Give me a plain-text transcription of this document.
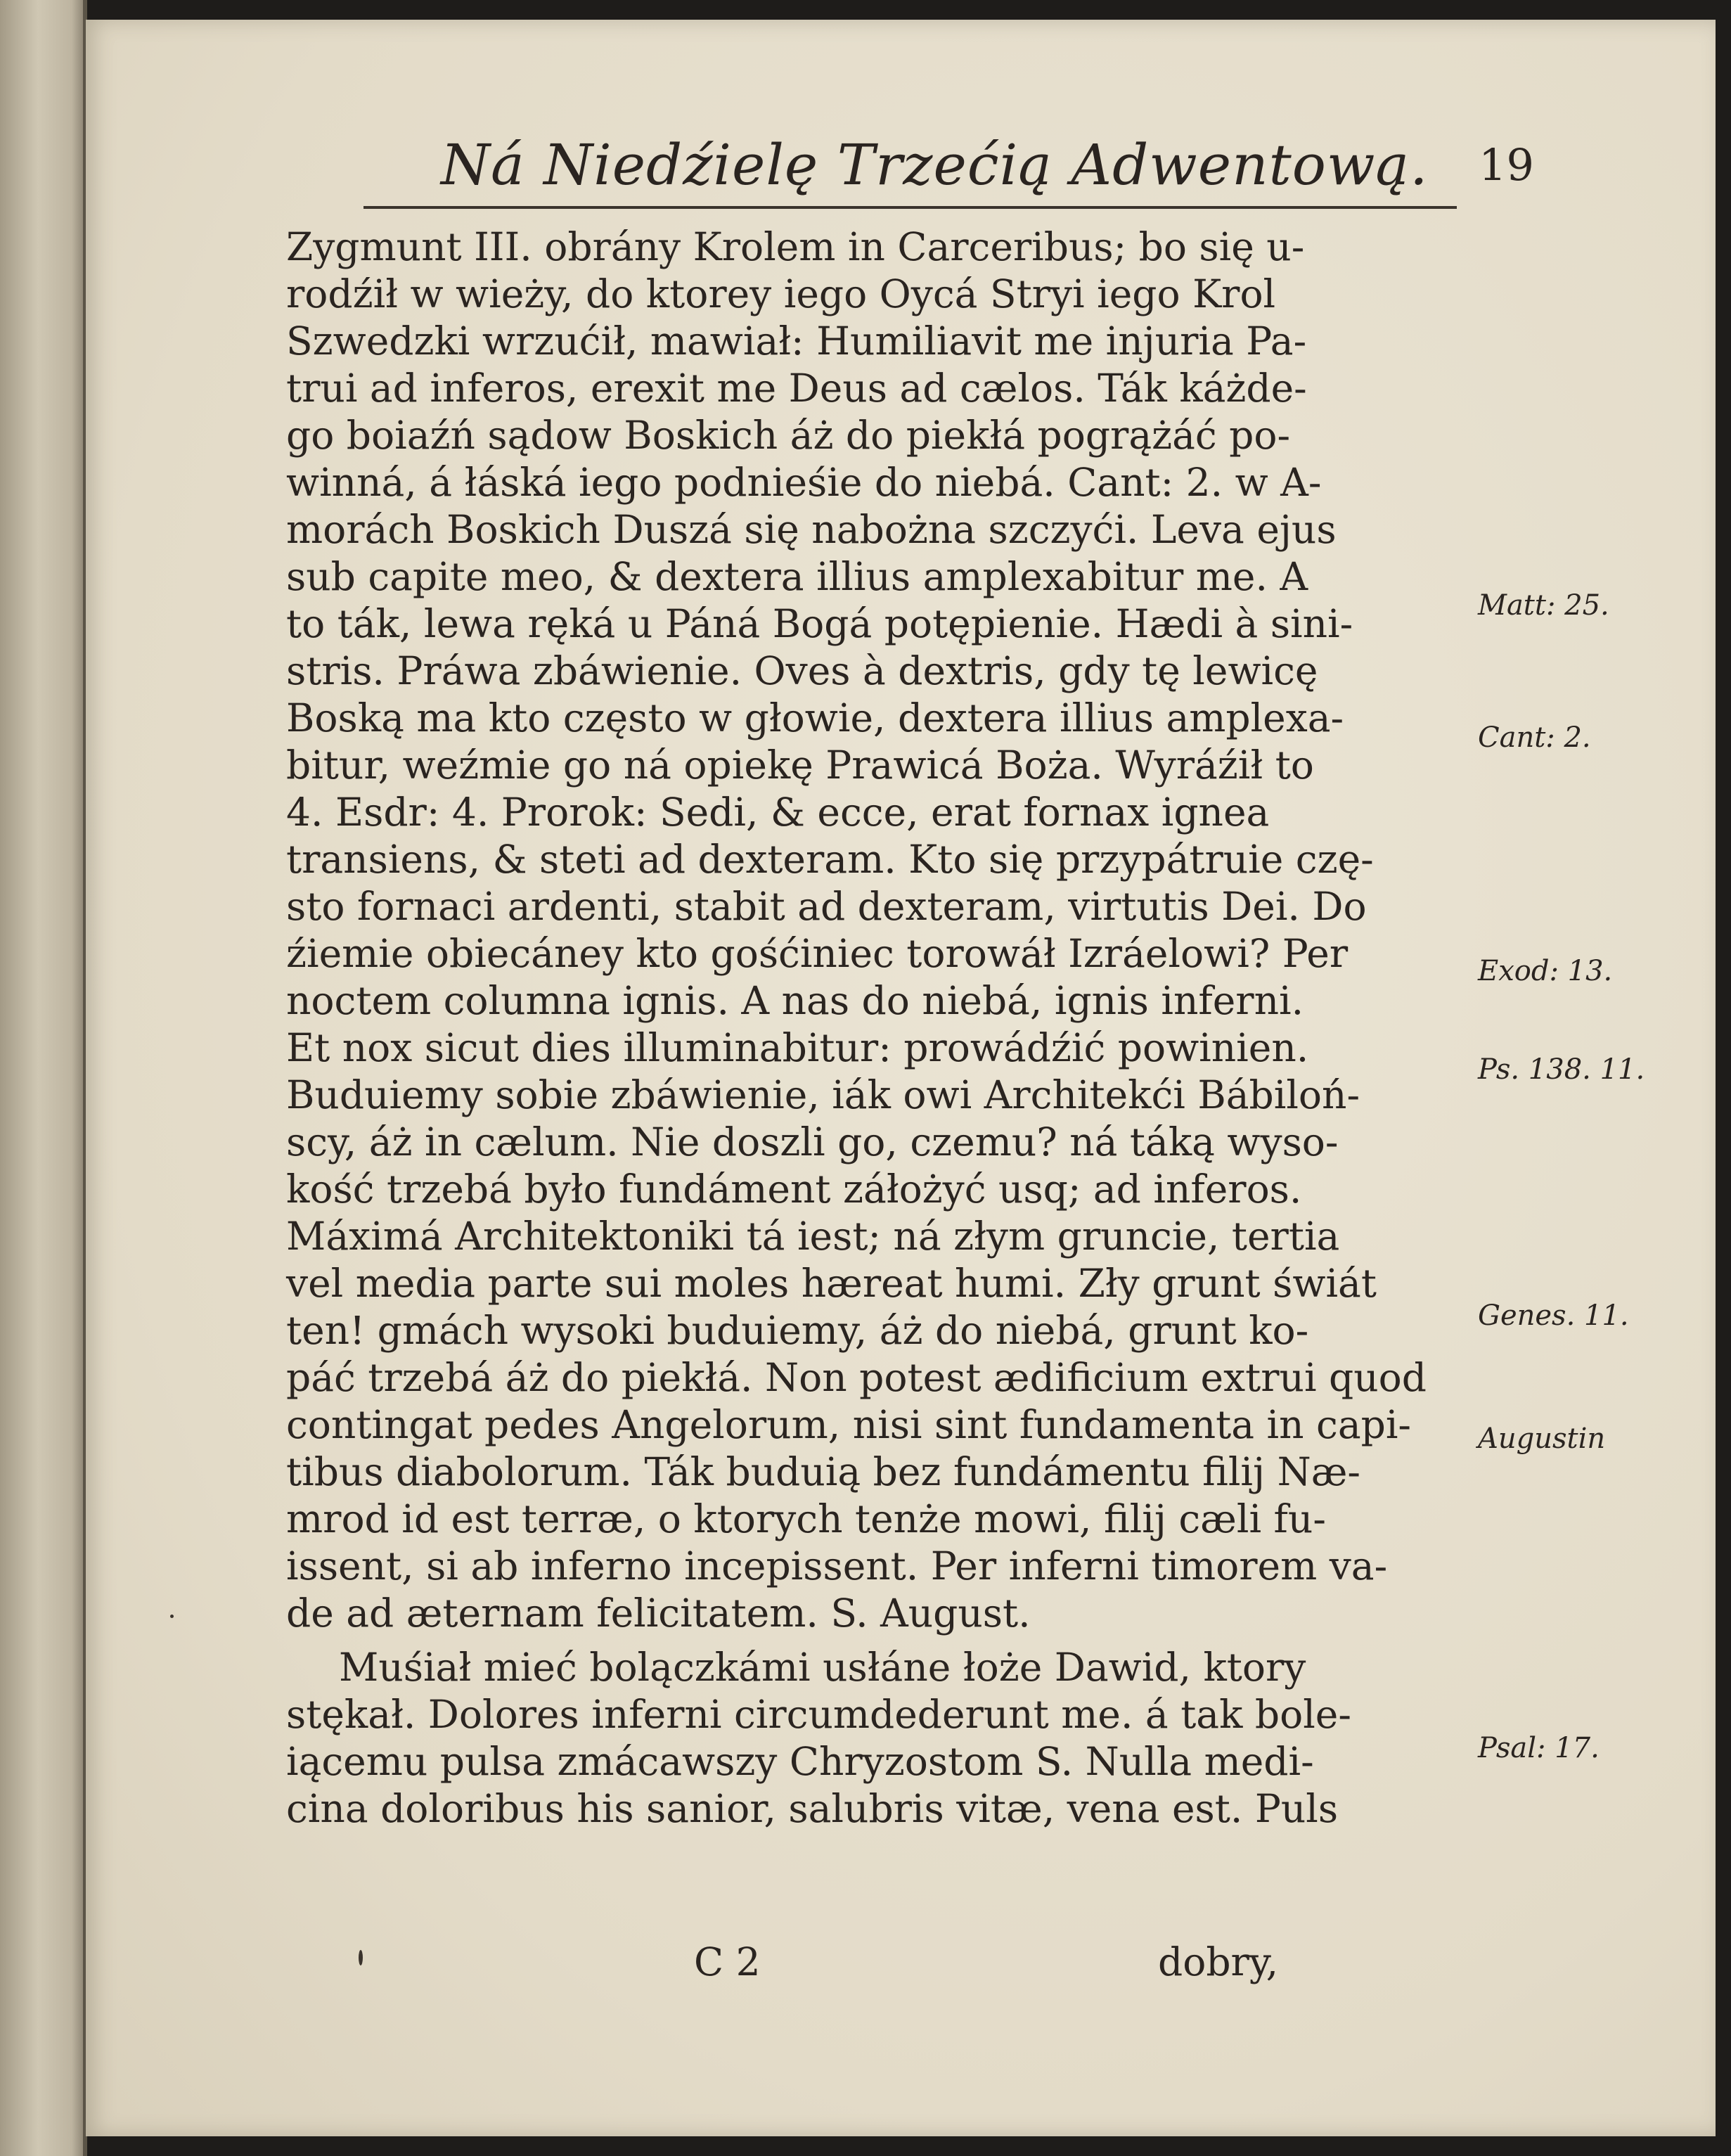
Ná Niedźielę Trzećią Adwentową. 19
Zygmunt III. obrány Krolem in Carceribus; bo się u-
rodźił w wieży, do ktorey iego Oycá Stryi iego Krol
Szwedzki wrzućił, mawiał: Humiliavit me injuria Pa-
trui ad inferos, erexit me Deus ad cælos. Ták káżde-
go boiaźń sądow Boskich áż do piekłá pogrążáć po-
winná, á łáská iego podnieśie do niebá. Cant: 2. w A-
morách Boskich Duszá się nabożna szczyći. Leva ejus
sub capite meo, & dextera illius amplexabitur me. A
to ták, lewa ręká u Páná Bogá potępienie. Hædi à sini-
stris. Práwa zbáwienie. Oves à dextris, gdy tę lewicę
Boską ma kto często w głowie, dextera illius amplexa-
bitur, weźmie go ná opiekę Prawicá Boża. Wyráźił to
4. Esdr: 4. Prorok: Sedi, & ecce, erat fornax ignea
transiens, & steti ad dexteram. Kto się przypátruie czę-
sto fornaci ardenti, stabit ad dexteram, virtutis Dei. Do
źiemie obiecáney kto gośćiniec torowáł Izráelowi? Per
noctem columna ignis. A nas do niebá, ignis inferni.
Et nox sicut dies illuminabitur: prowádźić powinien.
Buduiemy sobie zbáwienie, iák owi Architekći Bábiloń-
scy, áż in cælum. Nie doszli go, czemu? ná táką wyso-
kość trzebá było fundáment záłożyć usq; ad inferos.
Máximá Architektoniki tá iest; ná złym gruncie, tertia
vel media parte sui moles hæreat humi. Zły grunt świát
ten! gmách wysoki buduiemy, áż do niebá, grunt ko-
páć trzebá áż do piekłá. Non potest ædificium extrui quod
contingat pedes Angelorum, nisi sint fundamenta in capi-
tibus diabolorum. Ták buduią bez fundámentu filij Næ-
mrod id est terræ, o ktorych tenże mowi, filij cæli fu-
issent, si ab inferno incepissent. Per inferni timorem va-
de ad æternam felicitatem. S. August.
Muśiał mieć bolączkámi usłáne łoże Dawid, ktory
stękał. Dolores inferni circumdederunt me. á tak bole-
iącemu pulsa zmácawszy Chryzostom S. Nulla medi-
cina doloribus his sanior, salubris vitæ, vena est. Puls
Matt: 25.
Cant: 2.
Exod: 13.
Ps. 138. 11.
Genes. 11.
Augustin
Psal: 17.
C 2	dobry,
